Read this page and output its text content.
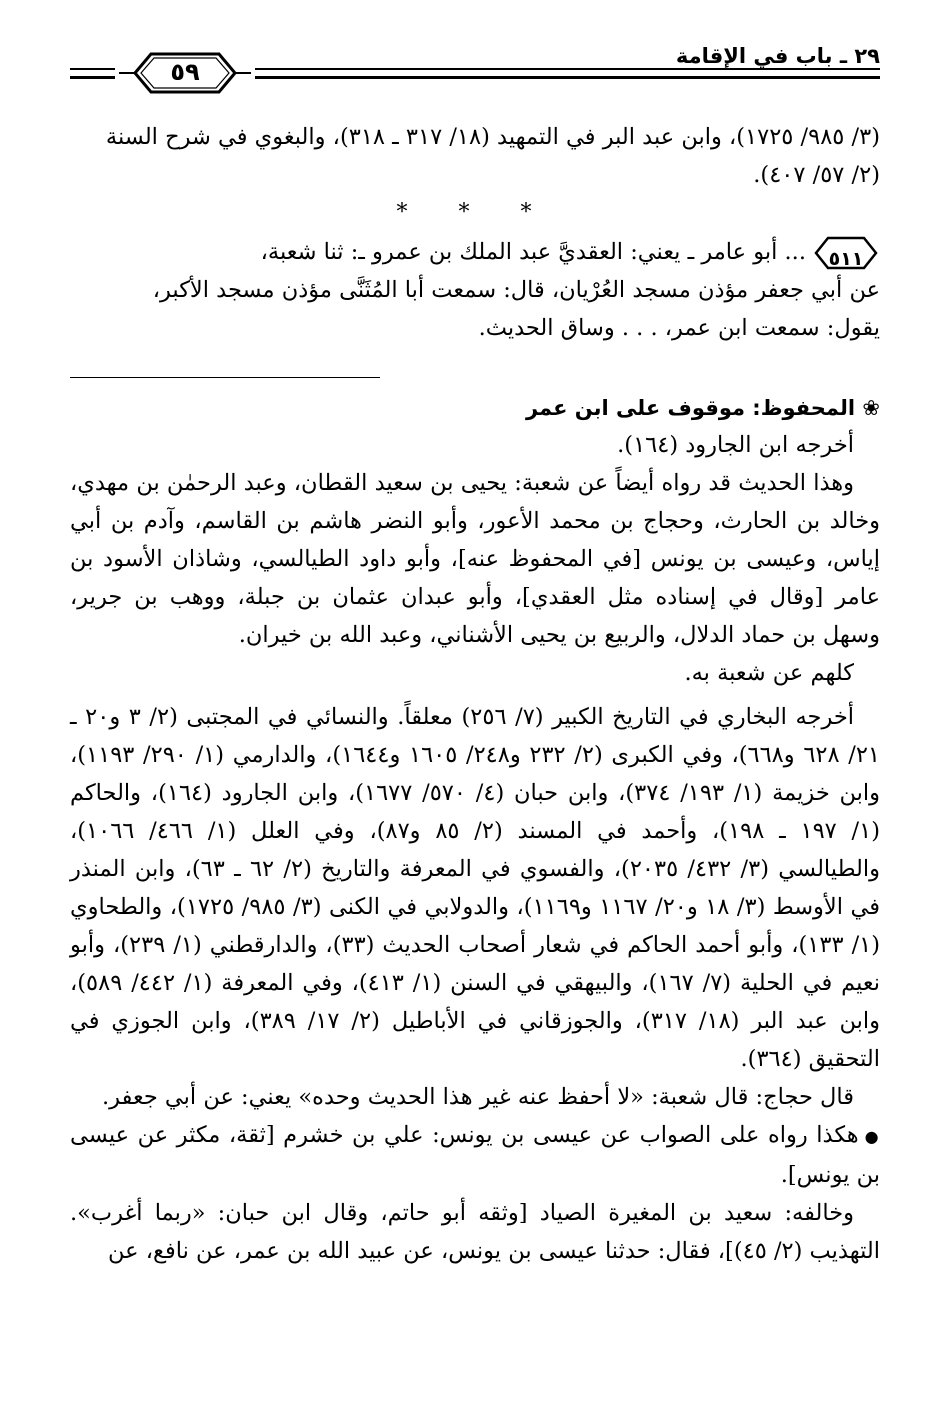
٢٩ ـ باب في الإقامة
٥٩

(٣/ ٩٨٥/ ١٧٢٥)، وابن عبد البر في التمهيد (١٨/ ٣١٧ ـ ٣١٨)، والبغوي في شرح السنة

(٢/ ٥٧/ ٤٠٧).

* * *

٥١١
... أبو عامر ـ يعني: العقديَّ عبد الملك بن عمرو ـ: ثنا شعبة،

عن أبي جعفر مؤذن مسجد العُرْيان، قال: سمعت أبا المُثَنَّى مؤذن مسجد الأكبر،

يقول: سمعت ابن عمر، . . . وساق الحديث.

❀ المحفوظ: موقوف على ابن عمر

أخرجه ابن الجارود (١٦٤).

وهذا الحديث قد رواه أيضاً عن شعبة: يحيى بن سعيد القطان، وعبد الرحمٰن بن مهدي، وخالد بن الحارث، وحجاج بن محمد الأعور، وأبو النضر هاشم بن القاسم، وآدم بن أبي إياس، وعيسى بن يونس [في المحفوظ عنه]، وأبو داود الطيالسي، وشاذان الأسود بن عامر [وقال في إسناده مثل العقدي]، وأبو عبدان عثمان بن جبلة، ووهب بن جرير، وسهل بن حماد الدلال، والربيع بن يحيى الأشناني، وعبد الله بن خيران.

كلهم عن شعبة به.

أخرجه البخاري في التاريخ الكبير (٧/ ٢٥٦) معلقاً. والنسائي في المجتبى (٢/ ٣ و٢٠ ـ ٢١/ ٦٢٨ و٦٦٨)، وفي الكبرى (٢/ ٢٣٢ و٢٤٨/ ١٦٠٥ و١٦٤٤)، والدارمي (١/ ٢٩٠/ ١١٩٣)، وابن خزيمة (١/ ١٩٣/ ٣٧٤)، وابن حبان (٤/ ٥٧٠/ ١٦٧٧)، وابن الجارود (١٦٤)، والحاكم (١/ ١٩٧ ـ ١٩٨)، وأحمد في المسند (٢/ ٨٥ و٨٧)، وفي العلل (١/ ٤٦٦/ ١٠٦٦)، والطيالسي (٣/ ٤٣٢/ ٢٠٣٥)، والفسوي في المعرفة والتاريخ (٢/ ٦٢ ـ ٦٣)، وابن المنذر في الأوسط (٣/ ١٨ و٢٠/ ١١٦٧ و١١٦٩)، والدولابي في الكنى (٣/ ٩٨٥/ ١٧٢٥)، والطحاوي (١/ ١٣٣)، وأبو أحمد الحاكم في شعار أصحاب الحديث (٣٣)، والدارقطني (١/ ٢٣٩)، وأبو نعيم في الحلية (٧/ ١٦٧)، والبيهقي في السنن (١/ ٤١٣)، وفي المعرفة (١/ ٤٤٢/ ٥٨٩)، وابن عبد البر (١٨/ ٣١٧)، والجوزقاني في الأباطيل (٢/ ١٧/ ٣٨٩)، وابن الجوزي في التحقيق (٣٦٤).

قال حجاج: قال شعبة: «لا أحفظ عنه غير هذا الحديث وحده» يعني: عن أبي جعفر.

●هكذا رواه على الصواب عن عيسى بن يونس: علي بن خشرم [ثقة، مكثر عن عيسى بن يونس].

وخالفه: سعيد بن المغيرة الصياد [وثقه أبو حاتم، وقال ابن حبان: «ربما أغرب». التهذيب (٢/ ٤٥)]، فقال: حدثنا عيسى بن يونس، عن عبيد الله بن عمر، عن نافع، عن
